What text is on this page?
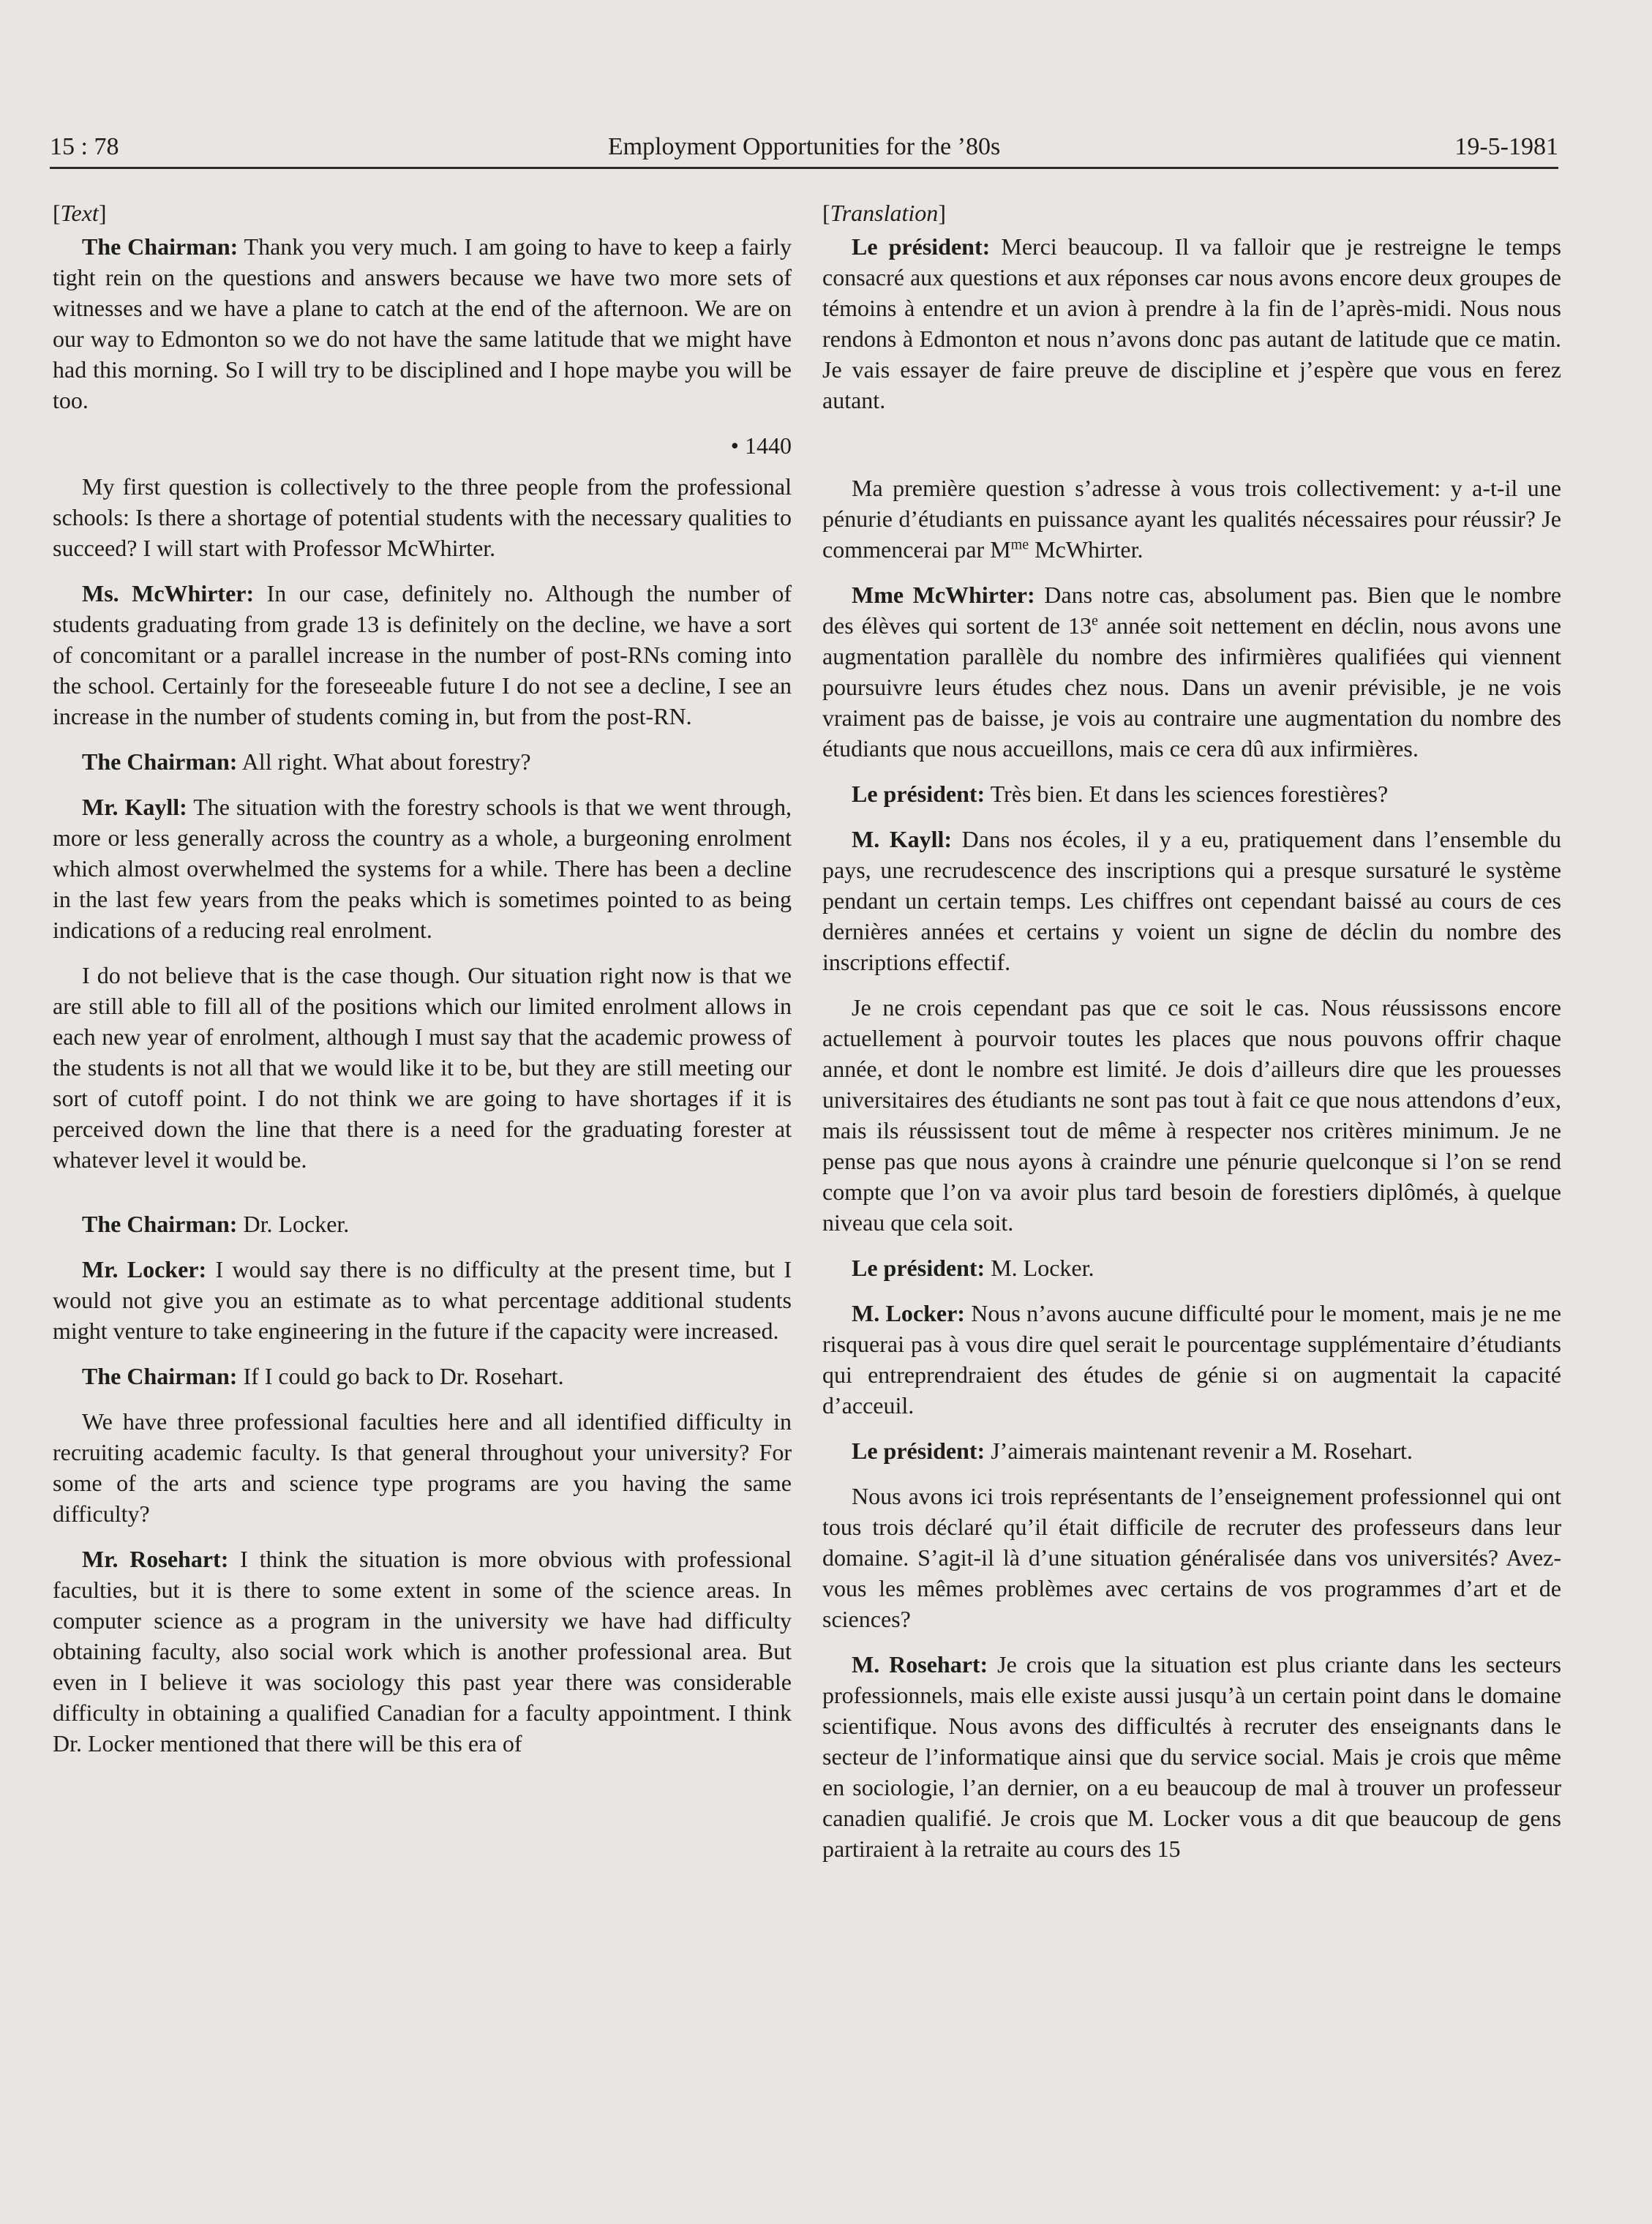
15 : 78	Employment Opportunities for the ’80s	19-5-1981
[Text]

The Chairman: Thank you very much. I am going to have to keep a fairly tight rein on the questions and answers because we have two more sets of witnesses and we have a plane to catch at the end of the afternoon. We are on our way to Edmonton so we do not have the same latitude that we might have had this morning. So I will try to be disciplined and I hope maybe you will be too.

• 1440

My first question is collectively to the three people from the professional schools: Is there a shortage of potential students with the necessary qualities to succeed? I will start with Professor McWhirter.

Ms. McWhirter: In our case, definitely no. Although the number of students graduating from grade 13 is definitely on the decline, we have a sort of concomitant or a parallel increase in the number of post-RNs coming into the school. Certainly for the foreseeable future I do not see a decline, I see an increase in the number of students coming in, but from the post-RN.

The Chairman: All right. What about forestry?

Mr. Kayll: The situation with the forestry schools is that we went through, more or less generally across the country as a whole, a burgeoning enrolment which almost overwhelmed the systems for a while. There has been a decline in the last few years from the peaks which is sometimes pointed to as being indications of a reducing real enrolment.

I do not believe that is the case though. Our situation right now is that we are still able to fill all of the positions which our limited enrolment allows in each new year of enrolment, although I must say that the academic prowess of the students is not all that we would like it to be, but they are still meeting our sort of cutoff point. I do not think we are going to have shortages if it is perceived down the line that there is a need for the graduating forester at whatever level it would be.

The Chairman: Dr. Locker.

Mr. Locker: I would say there is no difficulty at the present time, but I would not give you an estimate as to what percentage additional students might venture to take engineering in the future if the capacity were increased.

The Chairman: If I could go back to Dr. Rosehart.

We have three professional faculties here and all identified difficulty in recruiting academic faculty. Is that general throughout your university? For some of the arts and science type programs are you having the same difficulty?

Mr. Rosehart: I think the situation is more obvious with professional faculties, but it is there to some extent in some of the science areas. In computer science as a program in the university we have had difficulty obtaining faculty, also social work which is another professional area. But even in I believe it was sociology this past year there was considerable difficulty in obtaining a qualified Canadian for a faculty appointment. I think Dr. Locker mentioned that there will be this era of

[Translation]

Le président: Merci beaucoup. Il va falloir que je restreigne le temps consacré aux questions et aux réponses car nous avons encore deux groupes de témoins à entendre et un avion à prendre à la fin de l’après-midi. Nous nous rendons à Edmonton et nous n’avons donc pas autant de latitude que ce matin. Je vais essayer de faire preuve de discipline et j’espère que vous en ferez autant.

Ma première question s’adresse à vous trois collectivement: y a-t-il une pénurie d’étudiants en puissance ayant les qualités nécessaires pour réussir? Je commencerai par $M^{me}$ McWhirter.

Mme McWhirter: Dans notre cas, absolument pas. Bien que le nombre des élèves qui sortent de 13e année soit nettement en déclin, nous avons une augmentation parallèle du nombre des infirmières qualifiées qui viennent poursuivre leurs études chez nous. Dans un avenir prévisible, je ne vois vraiment pas de baisse, je vois au contraire une augmentation du nombre des étudiants que nous accueillons, mais ce cera dû aux infirmières.

Le président: Très bien. Et dans les sciences forestières?

M. Kayll: Dans nos écoles, il y a eu, pratiquement dans l’ensemble du pays, une recrudescence des inscriptions qui a presque sursaturé le système pendant un certain temps. Les chiffres ont cependant baissé au cours de ces dernières années et certains y voient un signe de déclin du nombre des inscriptions effectif.

Je ne crois cependant pas que ce soit le cas. Nous réussissons encore actuellement à pourvoir toutes les places que nous pouvons offrir chaque année, et dont le nombre est limité. Je dois d’ailleurs dire que les prouesses universitaires des étudiants ne sont pas tout à fait ce que nous attendons d’eux, mais ils réussissent tout de même à respecter nos critères minimum. Je ne pense pas que nous ayons à craindre une pénurie quelconque si l’on se rend compte que l’on va avoir plus tard besoin de forestiers diplômés, à quelque niveau que cela soit.

Le président: M. Locker.

M. Locker: Nous n’avons aucune difficulté pour le moment, mais je ne me risquerai pas à vous dire quel serait le pourcentage supplémentaire d’étudiants qui entreprendraient des études de génie si on augmentait la capacité d’acceuil.

Le président: J’aimerais maintenant revenir a M. Rosehart.

Nous avons ici trois représentants de l’enseignement professionnel qui ont tous trois déclaré qu’il était difficile de recruter des professeurs dans leur domaine. S’agit-il là d’une situation généralisée dans vos universités? Avez-vous les mêmes problèmes avec certains de vos programmes d’art et de sciences?

M. Rosehart: Je crois que la situation est plus criante dans les secteurs professionnels, mais elle existe aussi jusqu’à un certain point dans le domaine scientifique. Nous avons des difficultés à recruter des enseignants dans le secteur de l’informatique ainsi que du service social. Mais je crois que même en sociologie, l’an dernier, on a eu beaucoup de mal à trouver un professeur canadien qualifié. Je crois que M. Locker vous a dit que beaucoup de gens partiraient à la retraite au cours des 15
